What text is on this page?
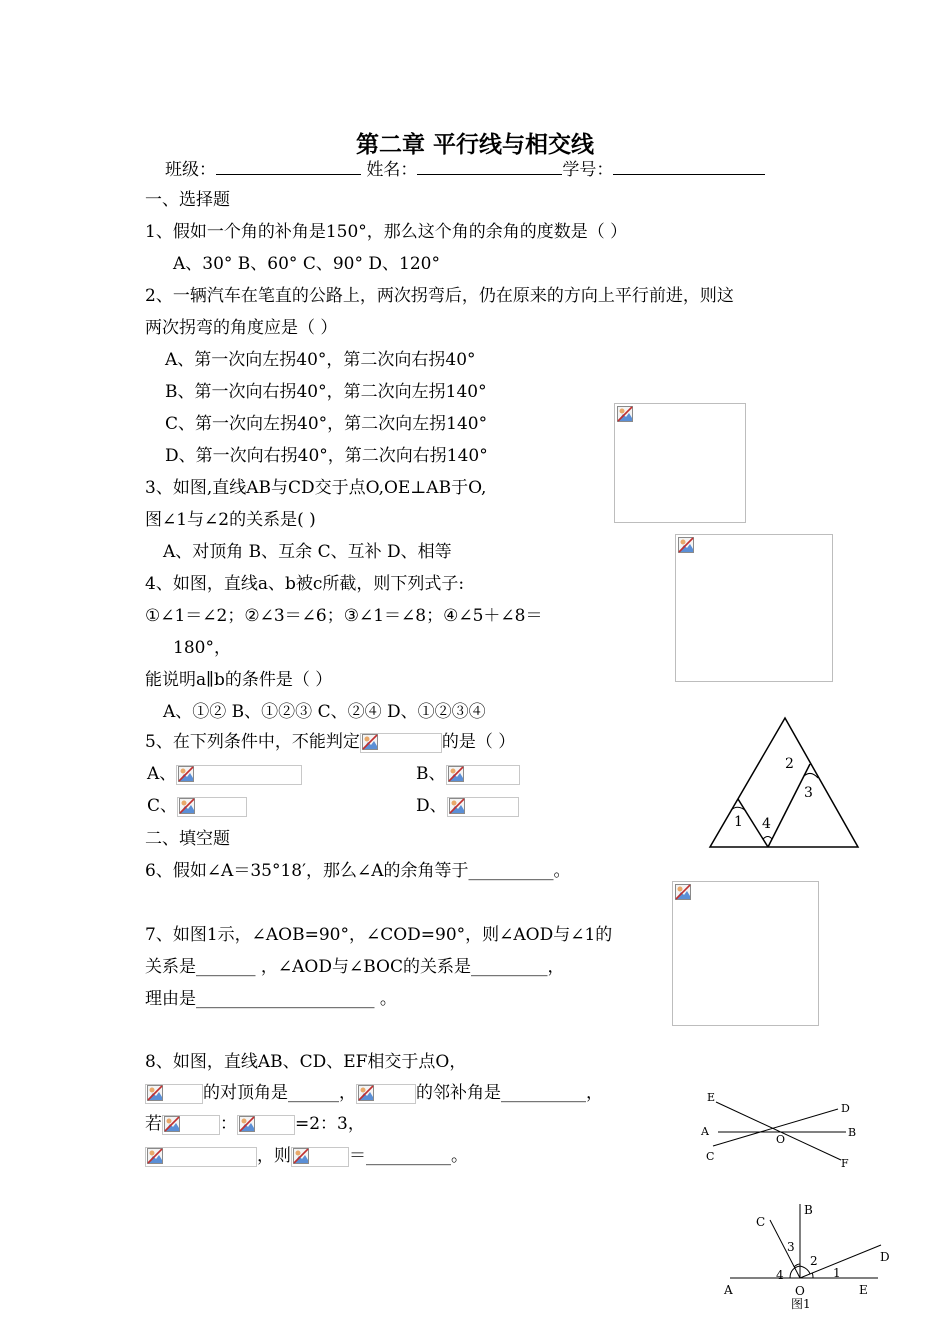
第二章 平行线与相交线
班级：	姓名：	学号：
一、选择题
1、假如一个角的补角是150°，那么这个角的余角的度数是（ ）
A、30° B、60° C、90° D、120°
2、一辆汽车在笔直的公路上，两次拐弯后，仍在原来的方向上平行前进，则这
两次拐弯的角度应是（ ）
A、第一次向左拐40°，第二次向右拐40°
B、第一次向右拐40°，第二次向左拐140°
C、第一次向左拐40°，第二次向左拐140°
D、第一次向右拐40°，第二次向右拐140°
3、如图,直线AB与CD交于点O,OE⊥AB于O,
图∠1与∠2的关系是( )
A、对顶角 B、互余 C、互补 D、相等
4、如图，直线a、b被c所截，则下列式子:
①∠1＝∠2；②∠3＝∠6；③∠1＝∠8；④∠5＋∠8＝
180°，
能说明a∥b的条件是（ ）
A、①② B、①②③ C、②④ D、①②③④
5、在下列条件中，不能判定	的是（ ）
A、	B、
C、	D、
二、填空题
6、假如∠A＝35°18′，那么∠A的余角等于__________。
7、如图1示，∠AOB=90°，∠COD=90°，则∠AOD与∠1的
关系是_______ ，∠AOD与∠BOC的关系是_________，
理由是_____________________ 。
8、如图，直线AB、CD、EF相交于点O，
的对顶角是______，	的邻补角是__________，
若	：	=2：3，
，则	＝__________。
1
2
3
4
E
D
A
O
B
C
F
B
C
3
2	D
4	1
A	O	E
图1
